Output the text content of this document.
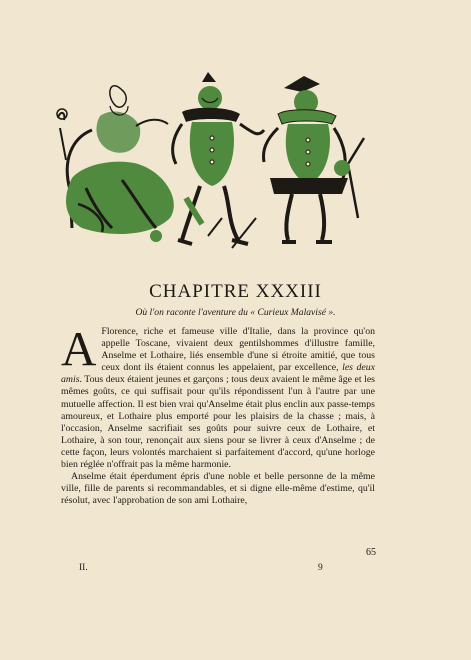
CHAPITRE XXXIII
Où l'on raconte l'aventure du « Curieux Malavisé ».

A Florence, riche et fameuse ville d'Italie, dans la province qu'on appelle Toscane, vivaient deux gentilshommes d'illustre famille, Anselme et Lothaire, liés ensemble d'une si étroite amitié, que tous ceux dont ils étaient connus les appelaient, par excellence, les deux amis. Tous deux étaient jeunes et garçons ; tous deux avaient le même âge et les mêmes goûts, ce qui suffisait pour qu'ils répondissent l'un à l'autre par une mutuelle affection. Il est bien vrai qu'Anselme était plus enclin aux passe-temps amoureux, et Lothaire plus emporté pour les plaisirs de la chasse ; mais, à l'occasion, Anselme sacrifiait ses goûts pour suivre ceux de Lothaire, et Lothaire, à son tour, renonçait aux siens pour se livrer à ceux d'Anselme ; de cette façon, leurs volontés marchaient si parfaitement d'accord, qu'une horloge bien réglée n'offrait pas la même harmonie.

Anselme était éperdument épris d'une noble et belle personne de la même ville, fille de parents si recommandables, et si digne elle-même d'estime, qu'il résolut, avec l'approbation de son ami Lothaire,

65
II.	9
